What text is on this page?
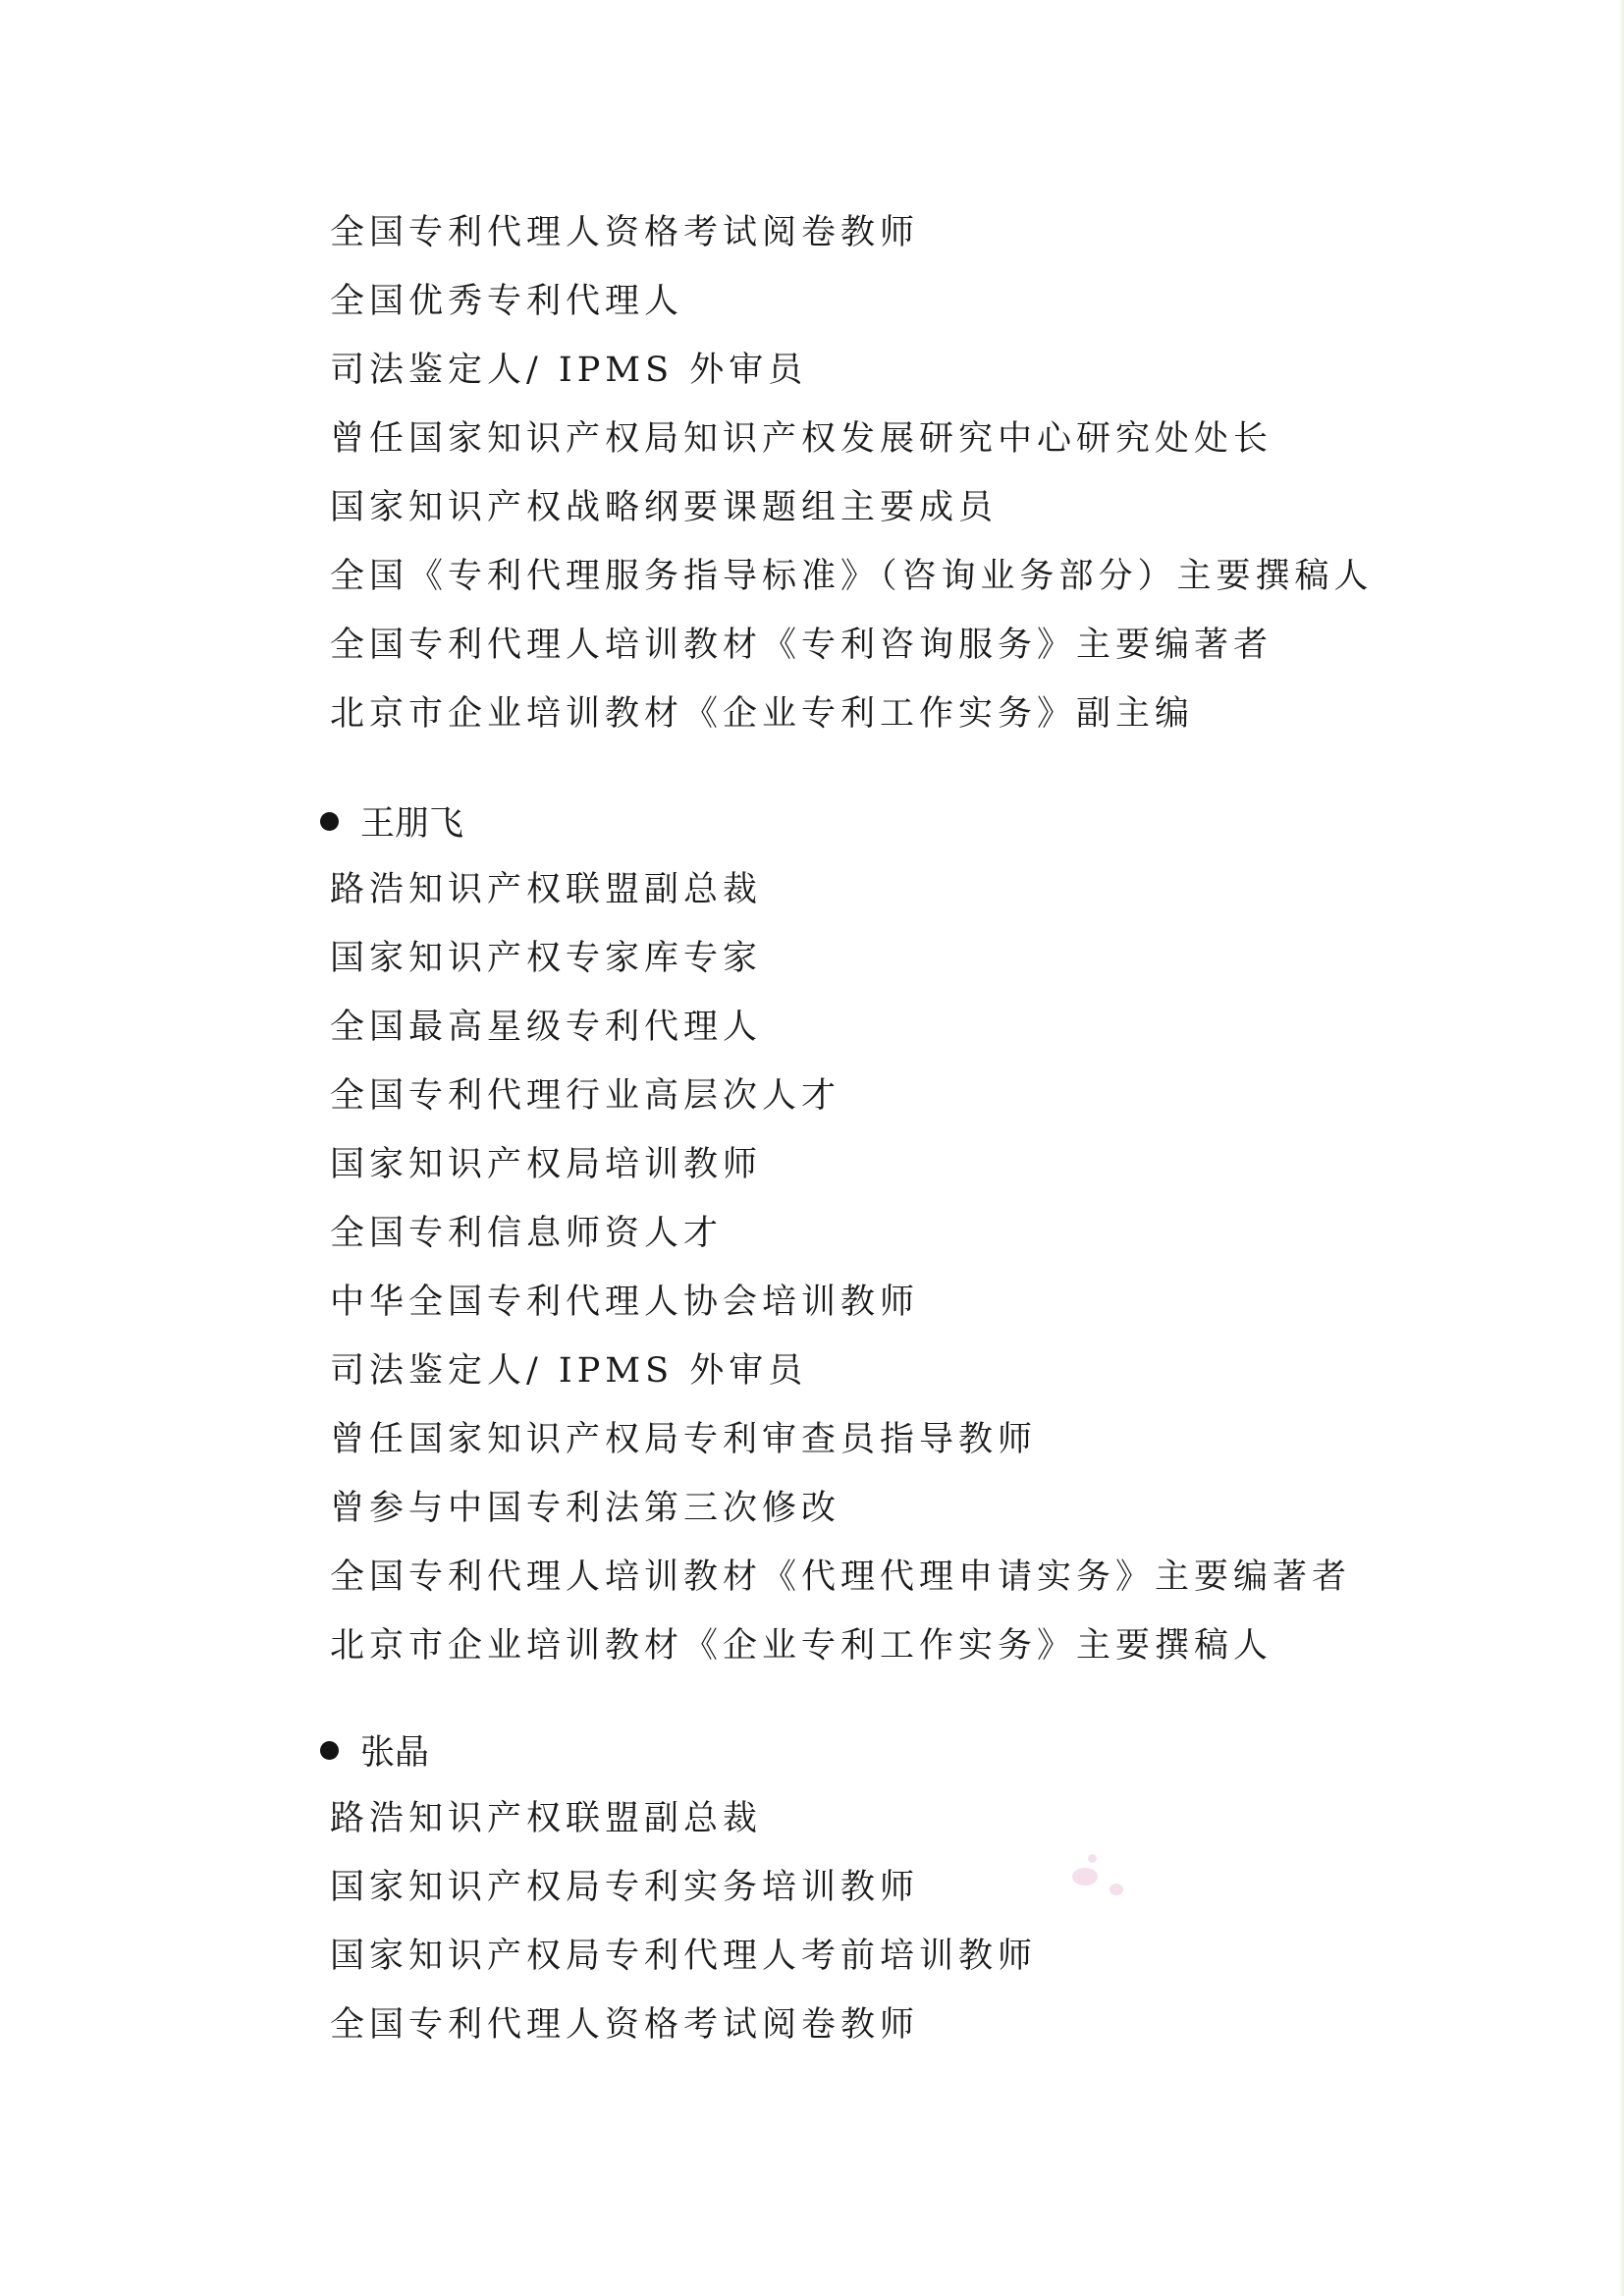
全国专利代理人资格考试阅卷教师
全国优秀专利代理人
司法鉴定人/ IPMS 外审员
曾任国家知识产权局知识产权发展研究中心研究处处长
国家知识产权战略纲要课题组主要成员
全国《专利代理服务指导标准》（咨询业务部分）主要撰稿人
全国专利代理人培训教材《专利咨询服务》主要编著者
北京市企业培训教材《企业专利工作实务》副主编
王朋飞
路浩知识产权联盟副总裁
国家知识产权专家库专家
全国最高星级专利代理人
全国专利代理行业高层次人才
国家知识产权局培训教师
全国专利信息师资人才
中华全国专利代理人协会培训教师
司法鉴定人/ IPMS 外审员
曾任国家知识产权局专利审查员指导教师
曾参与中国专利法第三次修改
全国专利代理人培训教材《代理代理申请实务》主要编著者
北京市企业培训教材《企业专利工作实务》主要撰稿人
张晶
路浩知识产权联盟副总裁
国家知识产权局专利实务培训教师
国家知识产权局专利代理人考前培训教师
全国专利代理人资格考试阅卷教师
